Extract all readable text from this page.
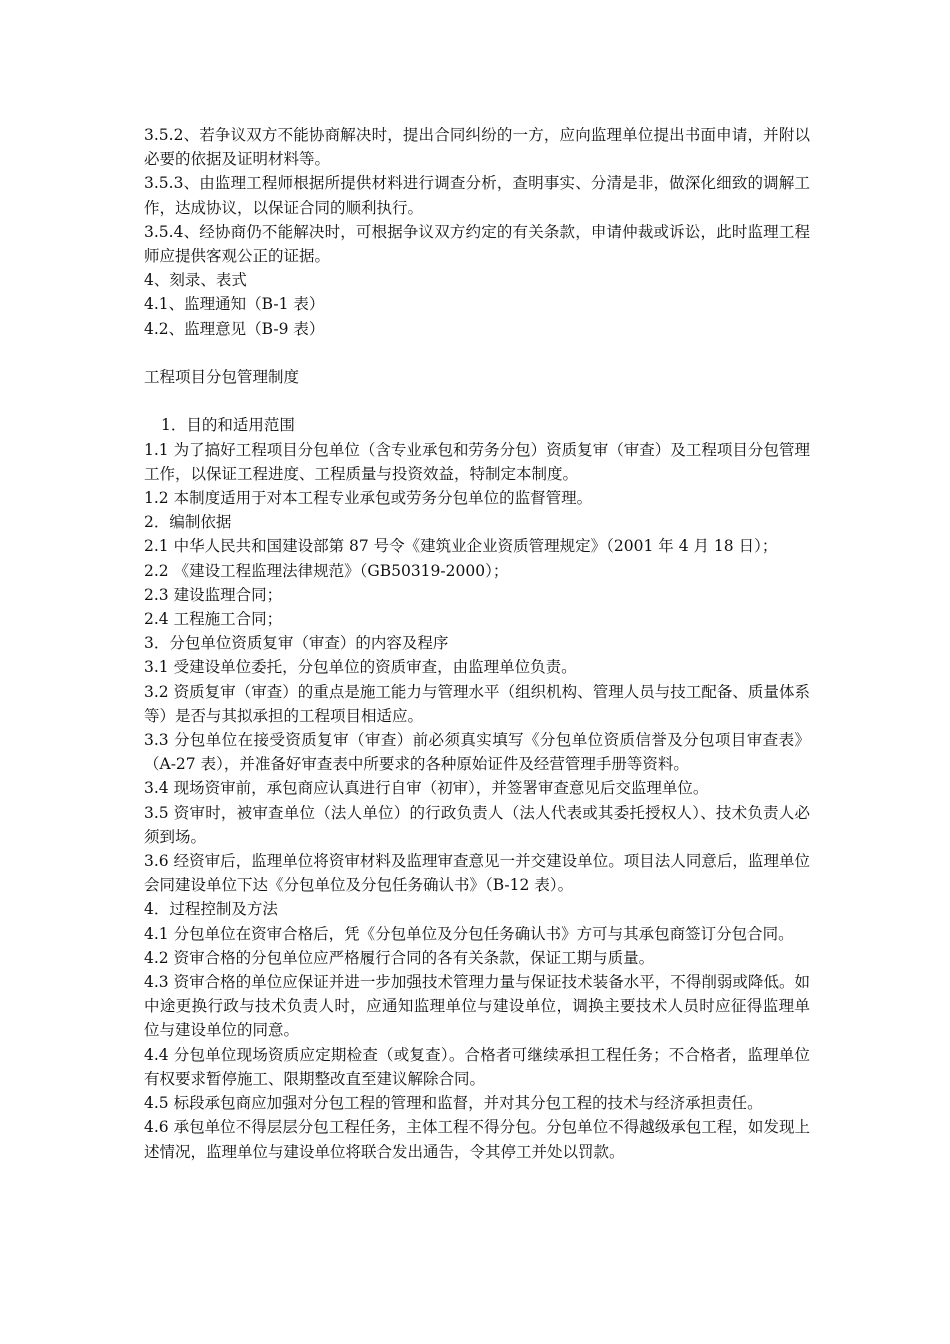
3.5.2、若争议双方不能协商解决时，提出合同纠纷的一方，应向监理单位提出书面申请，并附以必要的依据及证明材料等。

3.5.3、由监理工程师根据所提供材料进行调查分析，查明事实、分清是非，做深化细致的调解工作，达成协议，以保证合同的顺利执行。

3.5.4、经协商仍不能解决时，可根据争议双方约定的有关条款，申请仲裁或诉讼，此时监理工程师应提供客观公正的证据。

4、刻录、表式

4.1、监理通知（B-1 表）

4.2、监理意见（B-9 表）

工程项目分包管理制度

1．目的和适用范围

1.1 为了搞好工程项目分包单位（含专业承包和劳务分包）资质复审（审查）及工程项目分包管理工作，以保证工程进度、工程质量与投资效益，特制定本制度。

1.2 本制度适用于对本工程专业承包或劳务分包单位的监督管理。

2．编制依据

2.1 中华人民共和国建设部第 87 号令《建筑业企业资质管理规定》（2001 年 4 月 18 日）；

2.2 《建设工程监理法律规范》（GB50319-2000）；

2.3 建设监理合同；

2.4 工程施工合同；

3．分包单位资质复审（审查）的内容及程序

3.1 受建设单位委托，分包单位的资质审查，由监理单位负责。

3.2 资质复审（审查）的重点是施工能力与管理水平（组织机构、管理人员与技工配备、质量体系等）是否与其拟承担的工程项目相适应。

3.3 分包单位在接受资质复审（审查）前必须真实填写《分包单位资质信誉及分包项目审查表》（A-27 表），并准备好审查表中所要求的各种原始证件及经营管理手册等资料。

3.4 现场资审前，承包商应认真进行自审（初审），并签署审查意见后交监理单位。

3.5 资审时，被审查单位（法人单位）的行政负责人（法人代表或其委托授权人）、技术负责人必须到场。

3.6 经资审后，监理单位将资审材料及监理审查意见一并交建设单位。项目法人同意后，监理单位会同建设单位下达《分包单位及分包任务确认书》（B-12 表）。

4．过程控制及方法

4.1 分包单位在资审合格后，凭《分包单位及分包任务确认书》方可与其承包商签订分包合同。

4.2 资审合格的分包单位应严格履行合同的各有关条款，保证工期与质量。

4.3 资审合格的单位应保证并进一步加强技术管理力量与保证技术装备水平，不得削弱或降低。如中途更换行政与技术负责人时，应通知监理单位与建设单位，调换主要技术人员时应征得监理单位与建设单位的同意。

4.4 分包单位现场资质应定期检查（或复查）。合格者可继续承担工程任务；不合格者，监理单位有权要求暂停施工、限期整改直至建议解除合同。

4.5 标段承包商应加强对分包工程的管理和监督，并对其分包工程的技术与经济承担责任。

4.6 承包单位不得层层分包工程任务，主体工程不得分包。分包单位不得越级承包工程，如发现上述情况，监理单位与建设单位将联合发出通告，令其停工并处以罚款。
